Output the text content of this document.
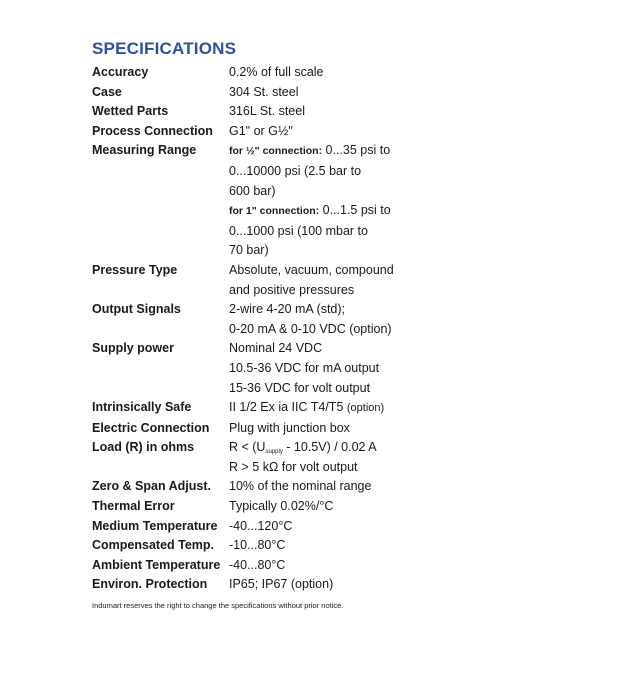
SPECIFICATIONS
Accuracy	0.2% of full scale
Case	304 St. steel
Wetted Parts	316L St. steel
Process Connection	G1" or G½"
Measuring Range	for ½" connection: 0...35 psi to
0...10000 psi (2.5 bar to
600 bar)
for 1" connection: 0...1.5 psi to
0...1000 psi (100 mbar to
70 bar)
Pressure Type	Absolute, vacuum, compound
and positive pressures
Output Signals	2-wire 4-20 mA (std);
0-20 mA & 0-10 VDC (option)
Supply power	Nominal 24 VDC
10.5-36 VDC for mA output
15-36 VDC for volt output
Intrinsically Safe	II 1/2 Ex ia IIC T4/T5 (option)
Electric Connection	Plug with junction box
Load (R) in ohms	$R < (U_{supply} - 10.5V) / 0.02$ A
R > 5 kΩ for volt output
Zero & Span Adjust.	10% of the nominal range
Thermal Error	Typically 0.02%/°C
Medium Temperature -40...120°C
Compensated Temp.	-10...80°C
Ambient Temperature -40...80°C
Environ. Protection	IP65; IP67 (option)
Indumart reserves the right to change the specifications without prior notice.
